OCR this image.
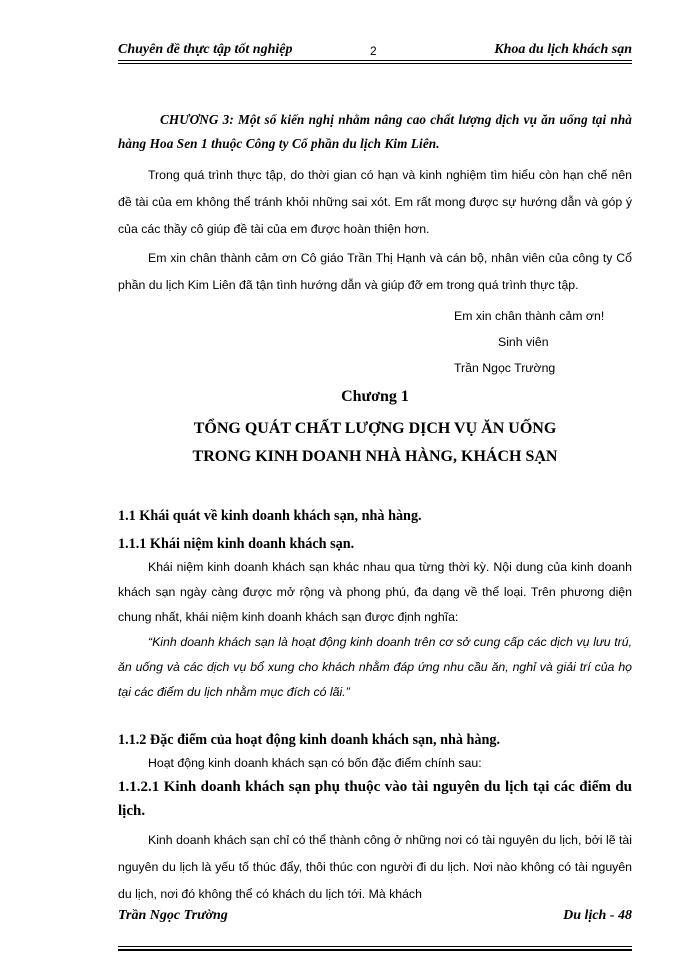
Chuyên đề thực tập tốt nghiệp	2	Khoa du lịch khách sạn

CHƯƠNG 3: Một số kiến nghị nhằm nâng cao chất lượng dịch vụ ăn uống tại nhà hàng Hoa Sen 1 thuộc Công ty Cổ phần du lịch Kim Liên.

Trong quá trình thực tập, do thời gian có hạn và kinh nghiệm tìm hiểu còn hạn chế nên đề tài của em không thể tránh khỏi những sai xót. Em rất mong được sự hướng dẫn và góp ý của các thầy cô giúp đề tài của em được hoàn thiện hơn.

Em xin chân thành cảm ơn Cô giáo Trần Thị Hạnh và cán bộ, nhân viên của công ty Cổ phần du lịch Kim Liên đã tận tình hướng dẫn và giúp đỡ em trong quá trình thực tập.

Em xin chân thành cảm ơn!

Sinh viên

Trần Ngọc Trường

Chương 1

TỔNG QUÁT CHẤT LƯỢNG DỊCH VỤ ĂN UỐNG

TRONG KINH DOANH NHÀ HÀNG, KHÁCH SẠN

1.1 Khái quát về kinh doanh khách sạn, nhà hàng.

1.1.1 Khái niệm kinh doanh khách sạn.

Khái niệm kinh doanh khách sạn khác nhau qua từng thời kỳ. Nội dung của kinh doanh khách sạn ngày càng được mở rộng và phong phú, đa dạng về thể loại. Trên phương diện chung nhất, khái niệm kinh doanh khách sạn được định nghĩa:

“Kinh doanh khách sạn là hoạt động kinh doanh trên cơ sở cung cấp các dịch vụ lưu trú, ăn uống và các dịch vụ bổ xung cho khách nhằm đáp ứng nhu cầu ăn, nghỉ và giải trí của họ tại các điểm du lịch nhằm mục đích có lãi.”

1.1.2 Đặc điểm của hoạt động kinh doanh khách sạn, nhà hàng.

Hoạt động kinh doanh khách sạn có bốn đặc điểm chính sau:

1.1.2.1 Kinh doanh khách sạn phụ thuộc vào tài nguyên du lịch tại các điểm du lịch.

Kinh doanh khách sạn chỉ có thể thành công ở những nơi có tài nguyên du lịch, bởi lẽ tài nguyên du lịch là yếu tố thúc đẩy, thôi thúc con người đi du lịch. Nơi nào không có tài nguyên du lịch, nơi đó không thể có khách du lịch tới. Mà khách

Trần Ngọc Trường	Du lịch - 48
